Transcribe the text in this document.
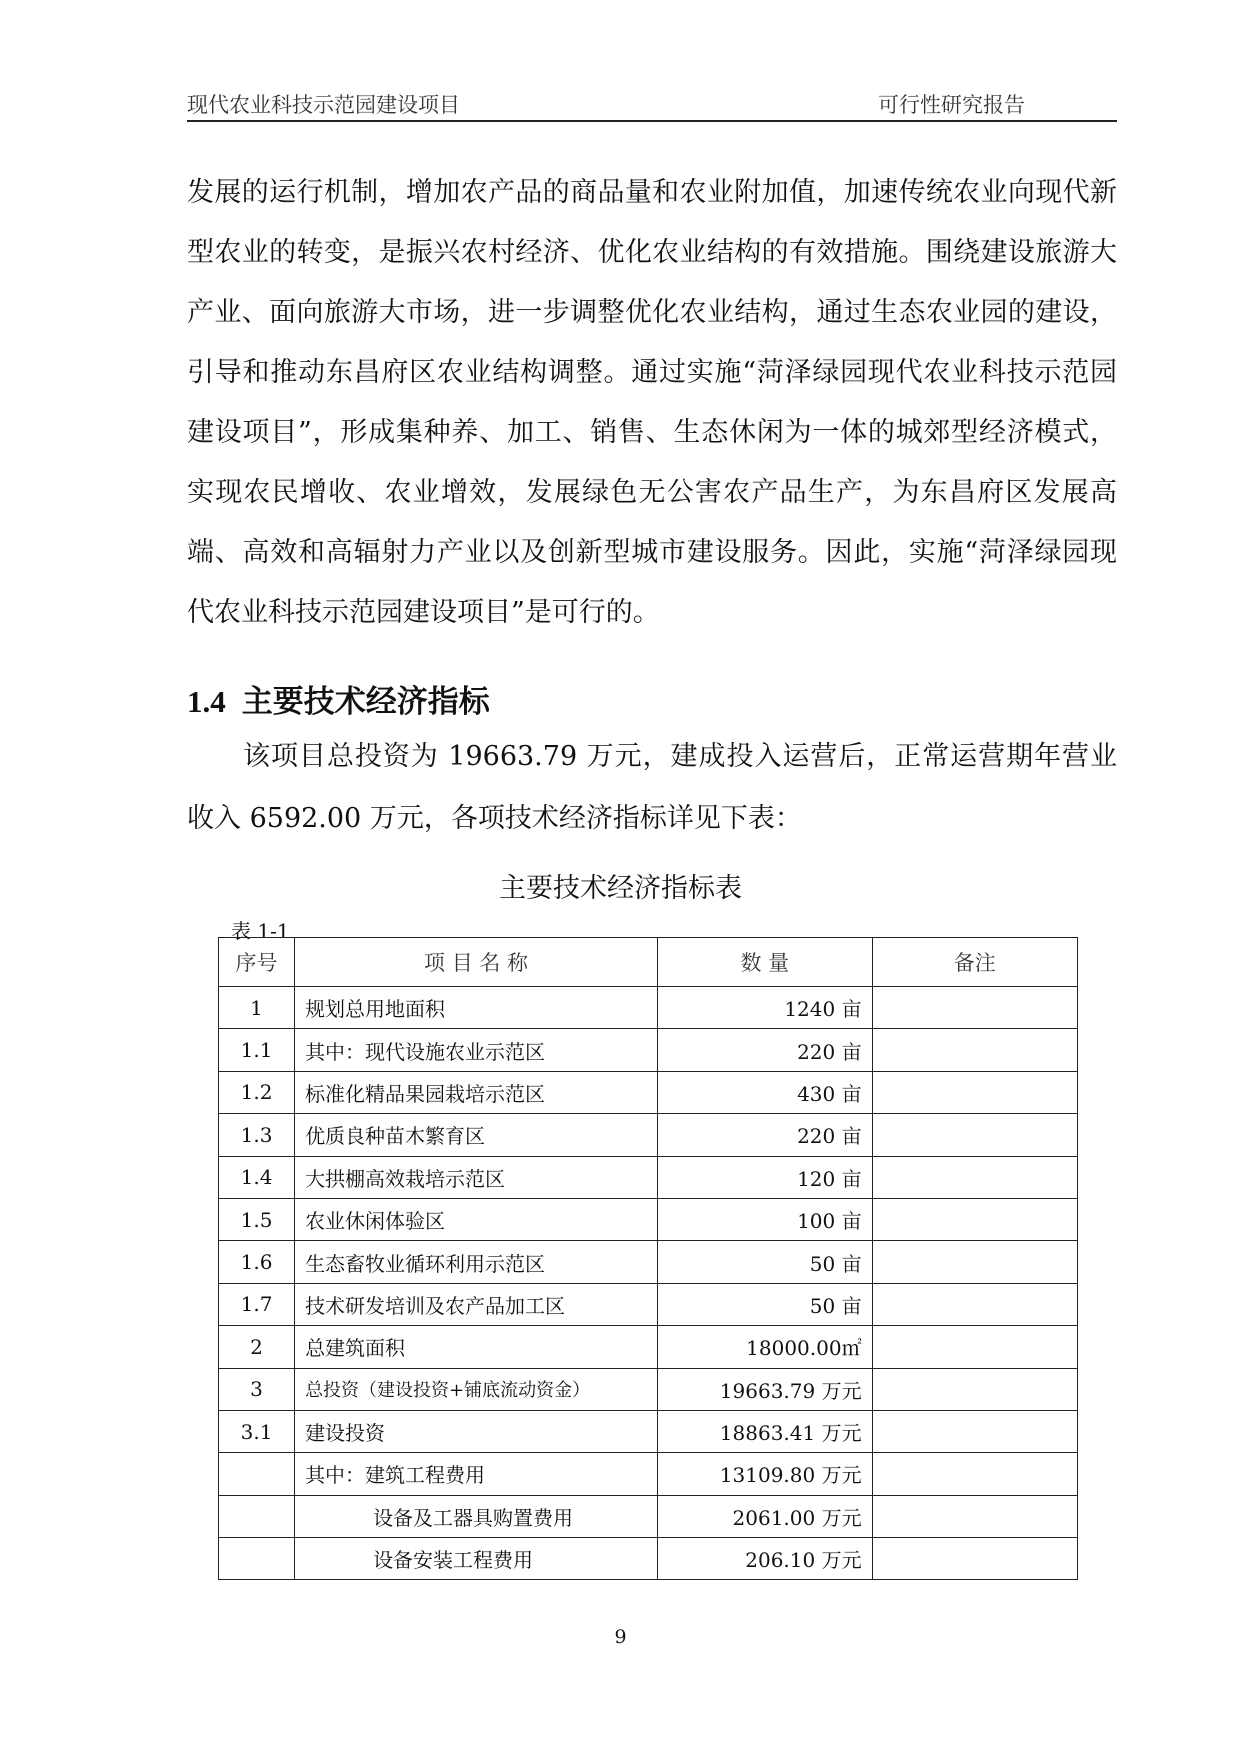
现代农业科技示范园建设项目	可行性研究报告

发展的运行机制，增加农产品的商品量和农业附加值，加速传统农业向现代新型农业的转变，是振兴农村经济、优化农业结构的有效措施。围绕建设旅游大产业、面向旅游大市场，进一步调整优化农业结构，通过生态农业园的建设，引导和推动东昌府区农业结构调整。通过实施“菏泽绿园现代农业科技示范园建设项目”，形成集种养、加工、销售、生态休闲为一体的城郊型经济模式，实现农民增收、农业增效，发展绿色无公害农产品生产，为东昌府区发展高端、高效和高辐射力产业以及创新型城市建设服务。因此，实施“菏泽绿园现代农业科技示范园建设项目”是可行的。

1.4 主要技术经济指标

该项目总投资为 19663.79 万元，建成投入运营后，正常运营期年营业收入 6592.00 万元，各项技术经济指标详见下表：

主要技术经济指标表
表 1-1
序号	项 目 名 称	数 量	备注
1	规划总用地面积	1240 亩	
1.1	其中：现代设施农业示范区	220 亩	
1.2	标准化精品果园栽培示范区	430 亩	
1.3	优质良种苗木繁育区	220 亩	
1.4	大拱棚高效栽培示范区	120 亩	
1.5	农业休闲体验区	100 亩	
1.6	生态畜牧业循环利用示范区	50 亩	
1.7	技术研发培训及农产品加工区	50 亩	
2	总建筑面积	18000.00㎡	
3	总投资（建设投资+铺底流动资金）	19663.79 万元	
3.1	建设投资	18863.41 万元	
	其中：建筑工程费用	13109.80 万元	
	设备及工器具购置费用	2061.00 万元	
	设备安装工程费用	206.10 万元	
9
